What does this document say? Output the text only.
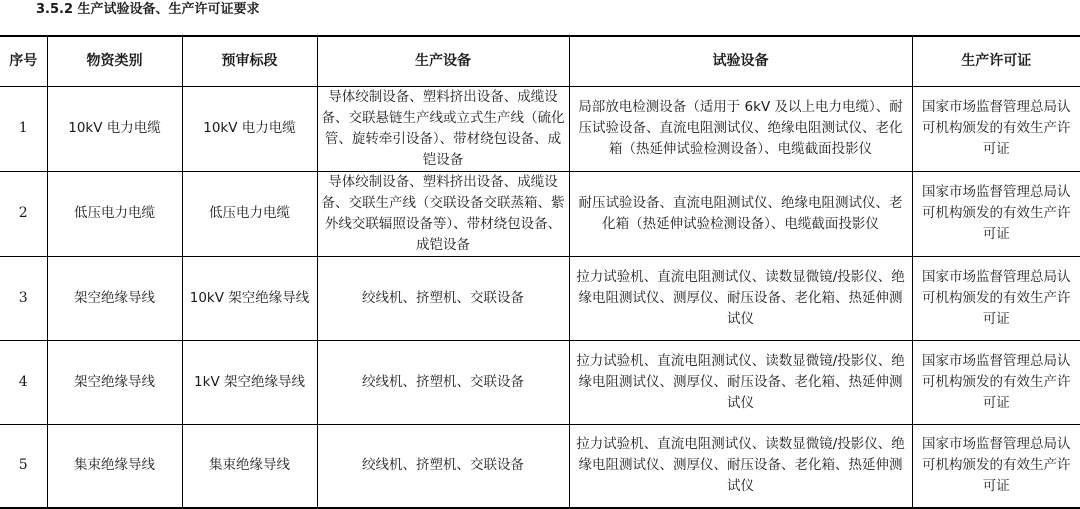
3.5.2 生产试验设备、生产许可证要求
序号	物资类别	预审标段	生产设备	试验设备	生产许可证
1	10kV 电力电缆	10kV 电力电缆	导体绞制设备、塑料挤出设备、成缆设备、交联悬链生产线或立式生产线（硫化管、旋转牵引设备）、带材绕包设备、成铠设备	局部放电检测设备（适用于 6kV 及以上电力电缆）、耐压试验设备、直流电阻测试仪、绝缘电阻测试仪、老化箱（热延伸试验检测设备）、电缆截面投影仪	国家市场监督管理总局认可机构颁发的有效生产许可证
2	低压电力电缆	低压电力电缆	导体绞制设备、塑料挤出设备、成缆设备、交联生产线（交联设备交联蒸箱、紫外线交联辐照设备等）、带材绕包设备、成铠设备	耐压试验设备、直流电阻测试仪、绝缘电阻测试仪、老化箱（热延伸试验检测设备）、电缆截面投影仪	国家市场监督管理总局认可机构颁发的有效生产许可证
3	架空绝缘导线	10kV 架空绝缘导线	绞线机、挤塑机、交联设备	拉力试验机、直流电阻测试仪、读数显微镜/投影仪、绝缘电阻测试仪、测厚仪、耐压设备、老化箱、热延伸测试仪	国家市场监督管理总局认可机构颁发的有效生产许可证
4	架空绝缘导线	1kV 架空绝缘导线	绞线机、挤塑机、交联设备	拉力试验机、直流电阻测试仪、读数显微镜/投影仪、绝缘电阻测试仪、测厚仪、耐压设备、老化箱、热延伸测试仪	国家市场监督管理总局认可机构颁发的有效生产许可证
5	集束绝缘导线	集束绝缘导线	绞线机、挤塑机、交联设备	拉力试验机、直流电阻测试仪、读数显微镜/投影仪、绝缘电阻测试仪、测厚仪、耐压设备、老化箱、热延伸测试仪	国家市场监督管理总局认可机构颁发的有效生产许可证
